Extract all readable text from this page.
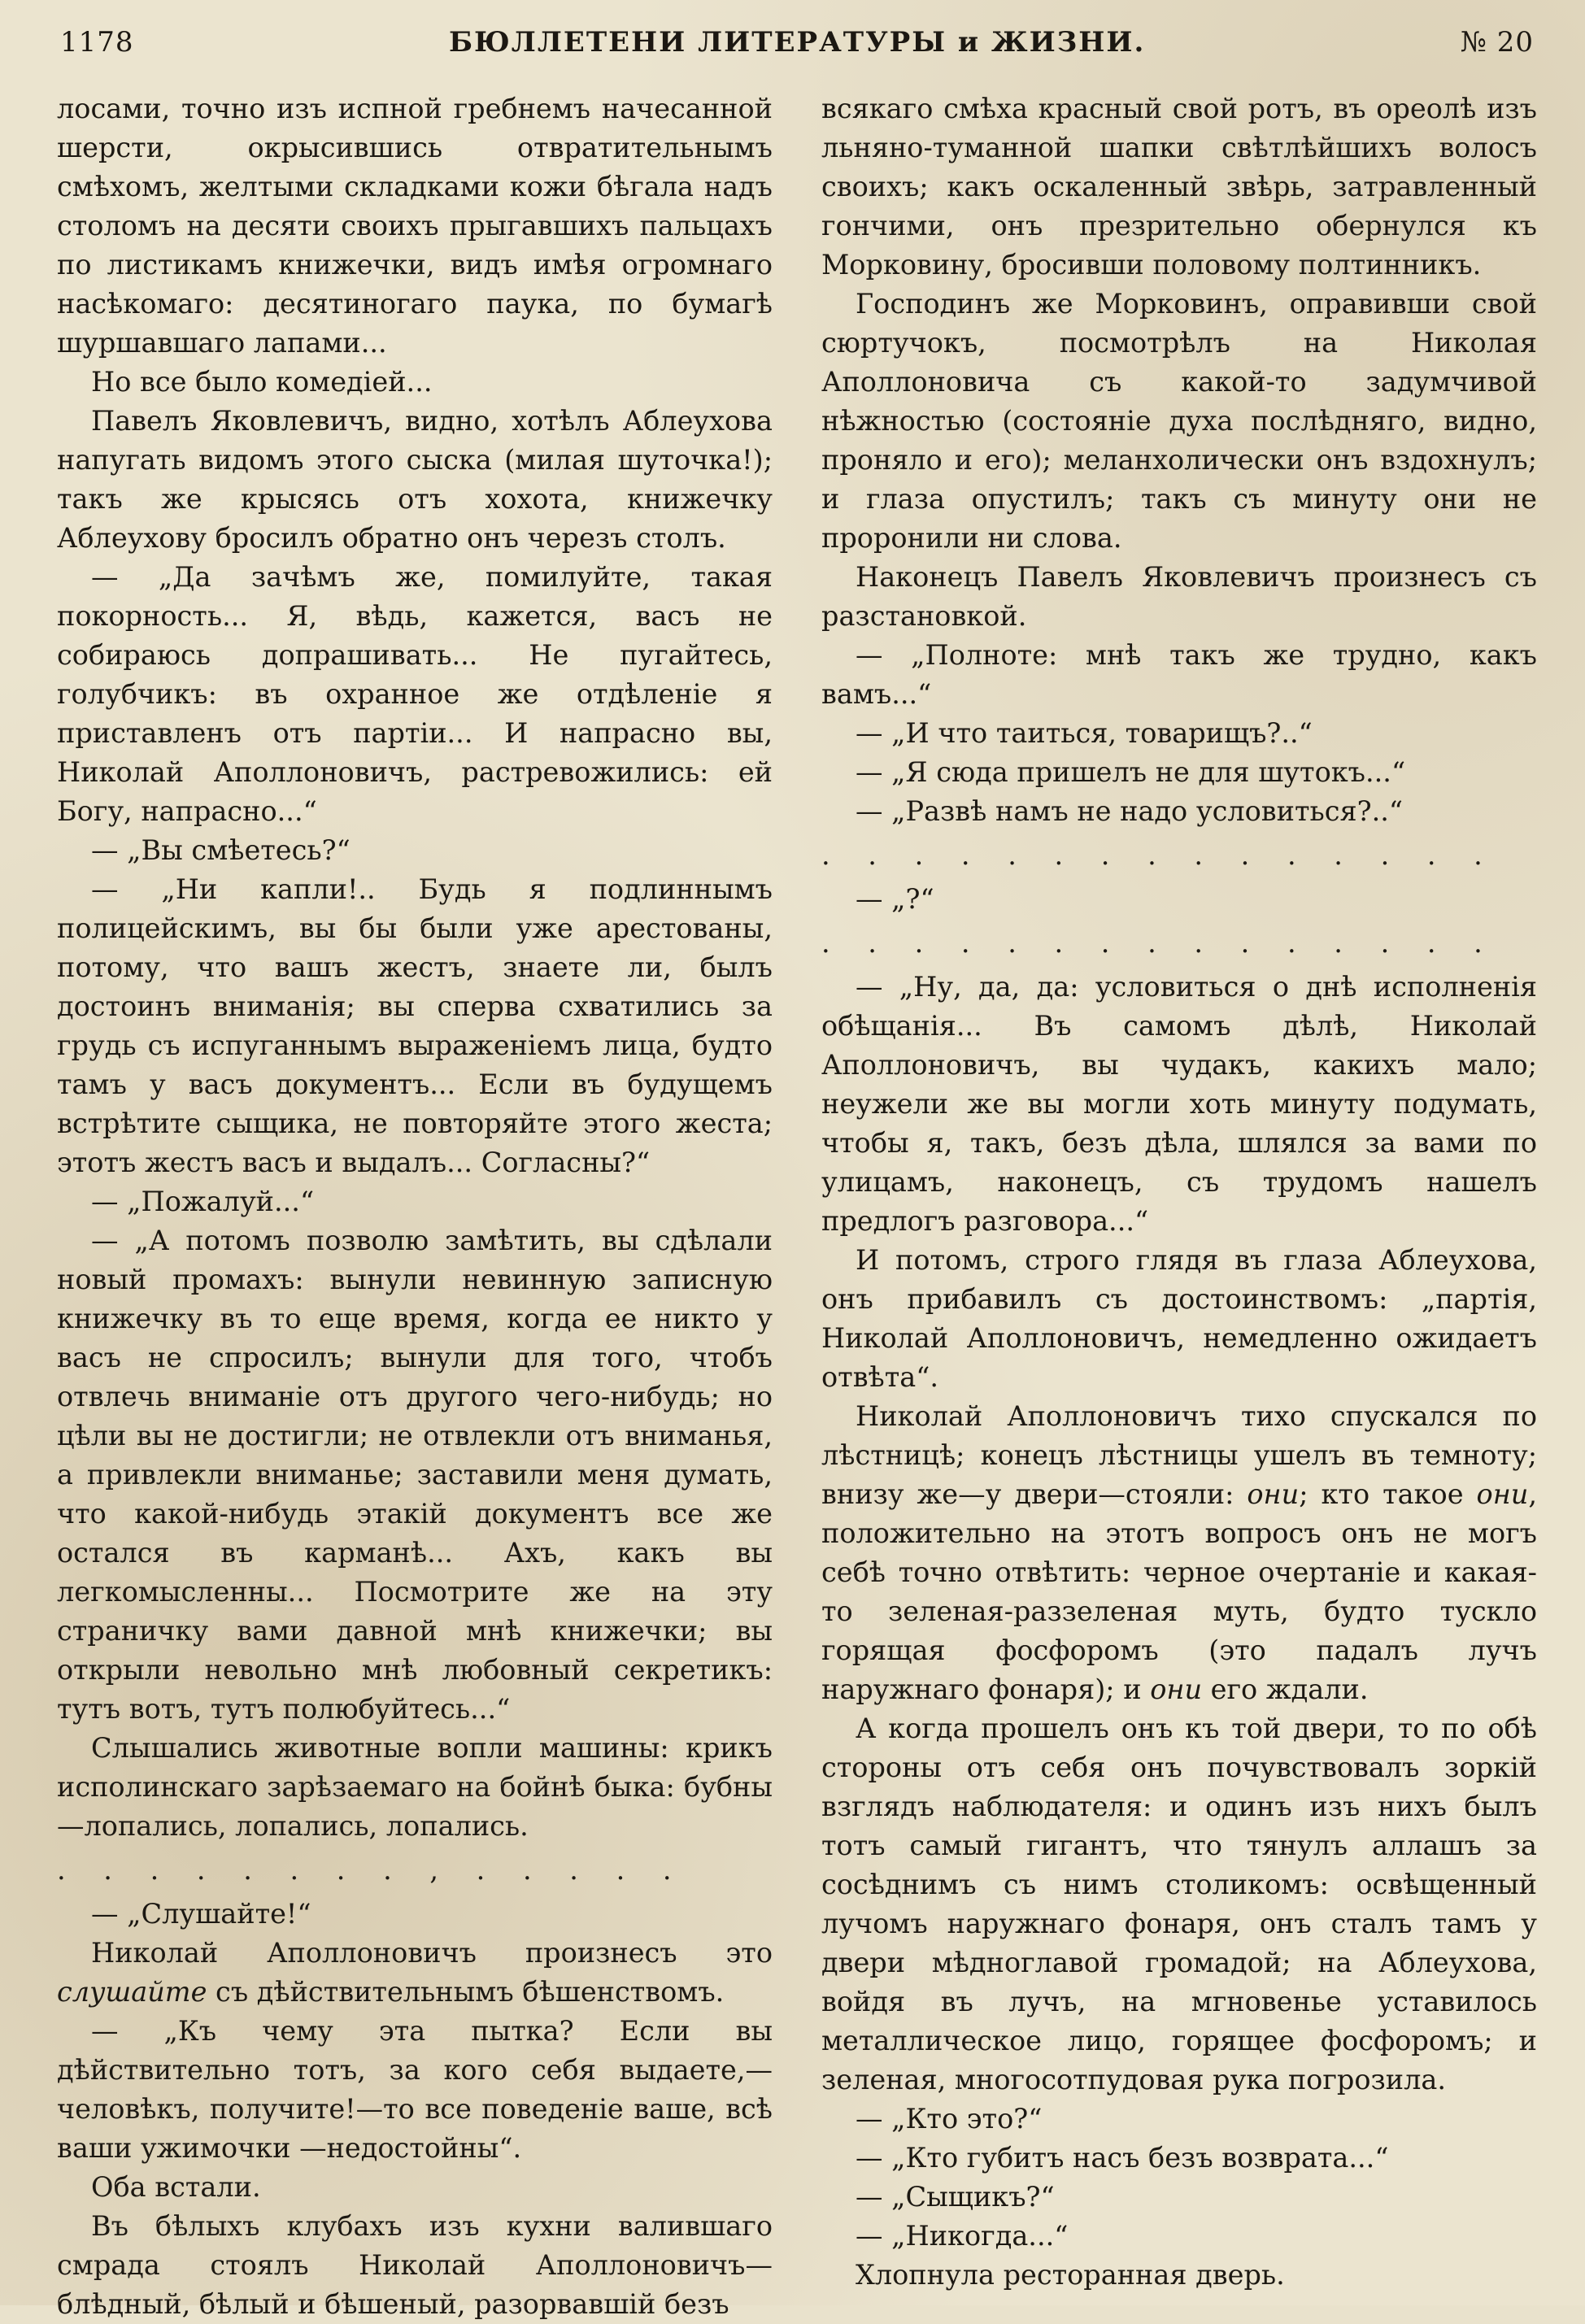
1178	БЮЛЛЕТЕНИ ЛИТЕРАТУРЫ и ЖИЗНИ.	№ 20

лосами, точно изъ испной гребнемъ начесанной шерсти, окрысившись отвратительнымъ смѣхомъ, желтыми складками кожи бѣгала надъ столомъ на десяти своихъ прыгавшихъ пальцахъ по листикамъ книжечки, видъ имѣя огромнаго насѣкомаго: десятиногаго паука, по бумагѣ шуршавшаго лапами...

Но все было комедiей...

Павелъ Яковлевичъ, видно, хотѣлъ Аблеухова напугать видомъ этого сыска (милая шуточка!); такъ же крысясь отъ хохота, книжечку Аблеухову бросилъ обратно онъ черезъ столъ.

— „Да зачѣмъ же, помилуйте, такая покорность... Я, вѣдь, кажется, васъ не собираюсь допрашивать... Не пугайтесь, голубчикъ: въ охранное же отдѣленiе я приставленъ отъ партiи... И напрасно вы, Николай Аполлоновичъ, растревожились: ей Богу, напрасно...“

— „Вы смѣетесь?“

— „Ни капли!.. Будь я подлиннымъ полицейскимъ, вы бы были уже арестованы, потому, что вашъ жестъ, знаете ли, былъ достоинъ вниманiя; вы сперва схватились за грудь съ испуганнымъ выраженiемъ лица, будто тамъ у васъ документъ... Если въ будущемъ встрѣтите сыщика, не повторяйте этого жеста; этотъ жестъ васъ и выдалъ... Согласны?“

— „Пожалуй...“

— „А потомъ позволю замѣтить, вы сдѣлали новый промахъ: вынули невинную записную книжечку въ то еще время, когда ее никто у васъ не спросилъ; вынули для того, чтобъ отвлечь вниманiе отъ другого чего-нибудь; но цѣли вы не достигли; не отвлекли отъ вниманья, а привлекли вниманье; заставили меня думать, что какой-нибудь этакiй документъ все же остался въ карманѣ... Ахъ, какъ вы легкомысленны... Посмотрите же на эту страничку вами давной мнѣ книжечки; вы открыли невольно мнѣ любовный секретикъ: тутъ вотъ, тутъ полюбуйтесь...“

Слышались животные вопли машины: крикъ исполинскаго зарѣзаемаго на бойнѣ быка: бубны—лопались, лопались, лопались.

. . . . . . . . , . . . . .

— „Слушайте!“

Николай Аполлоновичъ произнесъ это слушайте съ дѣйствительнымъ бѣшенствомъ.

— „Къ чему эта пытка? Если вы дѣйствительно тотъ, за кого себя выдаете,—человѣкъ, получите!—то все поведенiе ваше, всѣ ваши ужимочки —недостойны“.

Оба встали.

Въ бѣлыхъ клубахъ изъ кухни валившаго смрада стоялъ Николай Аполлоновичъ—блѣдный, бѣлый и бѣшеный, разорвавшiй безъ

всякаго смѣха красный свой ротъ, въ ореолѣ изъ льняно-туманной шапки свѣтлѣйшихъ волосъ своихъ; какъ оскаленный звѣрь, затравленный гончими, онъ презрительно обернулся къ Морковину, бросивши половому полтинникъ.

Господинъ же Морковинъ, оправивши свой сюртучокъ, посмотрѣлъ на Николая Аполлоновича съ какой-то задумчивой нѣжностью (состоянiе духа послѣдняго, видно, проняло и его); меланхолически онъ вздохнулъ; и глаза опустилъ; такъ съ минуту они не проронили ни слова.

Наконецъ Павелъ Яковлевичъ произнесъ съ разстановкой.

— „Полноте: мнѣ такъ же трудно, какъ вамъ...“

— „И что таиться, товарищъ?..“

— „Я сюда пришелъ не для шутокъ...“

— „Развѣ намъ не надо условиться?..“

. . . . . . . . . . . . . . .

— „?“

. . . . . . . . . . . . . . .

— „Ну, да, да: условиться о днѣ исполненiя обѣщанiя... Въ самомъ дѣлѣ, Николай Аполлоновичъ, вы чудакъ, какихъ мало; неужели же вы могли хоть минуту подумать, чтобы я, такъ, безъ дѣла, шлялся за вами по улицамъ, наконецъ, съ трудомъ нашелъ предлогъ разговора...“

И потомъ, строго глядя въ глаза Аблеухова, онъ прибавилъ съ достоинствомъ: „партiя, Николай Аполлоновичъ, немедленно ожидаетъ отвѣта“.

Николай Аполлоновичъ тихо спускался по лѣстницѣ; конецъ лѣстницы ушелъ въ темноту; внизу же—у двери—стояли: они; кто такое они, положительно на этотъ вопросъ онъ не могъ себѣ точно отвѣтить: черное очертанiе и какая-то зеленая-раззеленая муть, будто тускло горящая фосфоромъ (это падалъ лучъ наружнаго фонаря); и они его ждали.

А когда прошелъ онъ къ той двери, то по обѣ стороны отъ себя онъ почувствовалъ зоркiй взглядъ наблюдателя: и одинъ изъ нихъ былъ тотъ самый гигантъ, что тянулъ аллашъ за сосѣднимъ съ нимъ столикомъ: освѣщенный лучомъ наружнаго фонаря, онъ сталъ тамъ у двери мѣдноглавой громадой; на Аблеухова, войдя въ лучъ, на мгновенье уставилось металлическое лицо, горящее фосфоромъ; и зеленая, многосотпудовая рука погрозила.

— „Кто это?“

— „Кто губитъ насъ безъ возврата...“

— „Сыщикъ?“

— „Никогда...“

Хлопнула ресторанная дверь.
